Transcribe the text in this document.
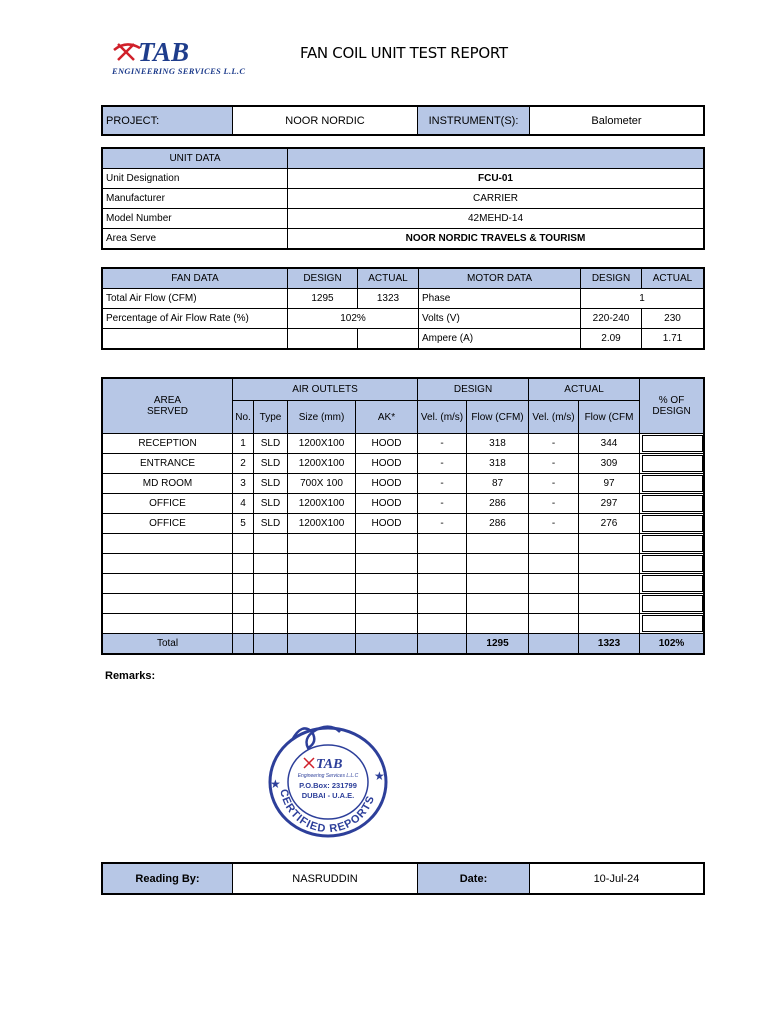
TAB
ENGINEERING SERVICES L.L.C
FAN COIL UNIT TEST REPORT
PROJECT:	NOOR NORDIC	INSTRUMENT(S):	Balometer
UNIT DATA	
Unit Designation	FCU-01
Manufacturer	CARRIER
Model Number	42MEHD-14
Area Serve	NOOR NORDIC TRAVELS & TOURISM
FAN DATA	DESIGN	ACTUAL	MOTOR DATA	DESIGN	ACTUAL
Total Air Flow (CFM)	1295	1323	Phase	1	
Percentage of Air Flow Rate (%)	102%		Volts (V)	220-240	230
			Ampere (A)	2.09	1.71
AREA
SERVED	AIR OUTLETS				DESIGN		ACTUAL		% OF
DESIGN
	No.	Type	Size (mm)	AK*	Vel. (m/s)	Flow (CFM)	Vel. (m/s)	Flow (CFM	
RECEPTION	1	SLD	1200X100	HOOD	-	318	-	344	

ENTRANCE	2	SLD	1200X100	HOOD	-	318	-	309	

MD ROOM	3	SLD	700X 100	HOOD	-	87	-	97	

OFFICE	4	SLD	1200X100	HOOD	-	286	-	297	

OFFICE	5	SLD	1200X100	HOOD	-	286	-	276	

Total						1295		1323	102%
Remarks:
CERTIFIED REPORTS
★
★
TAB
Engineering Services L.L.C
P.O.Box: 231799
DUBAI - U.A.E.
Reading By:	NASRUDDIN	Date:	10-Jul-24
